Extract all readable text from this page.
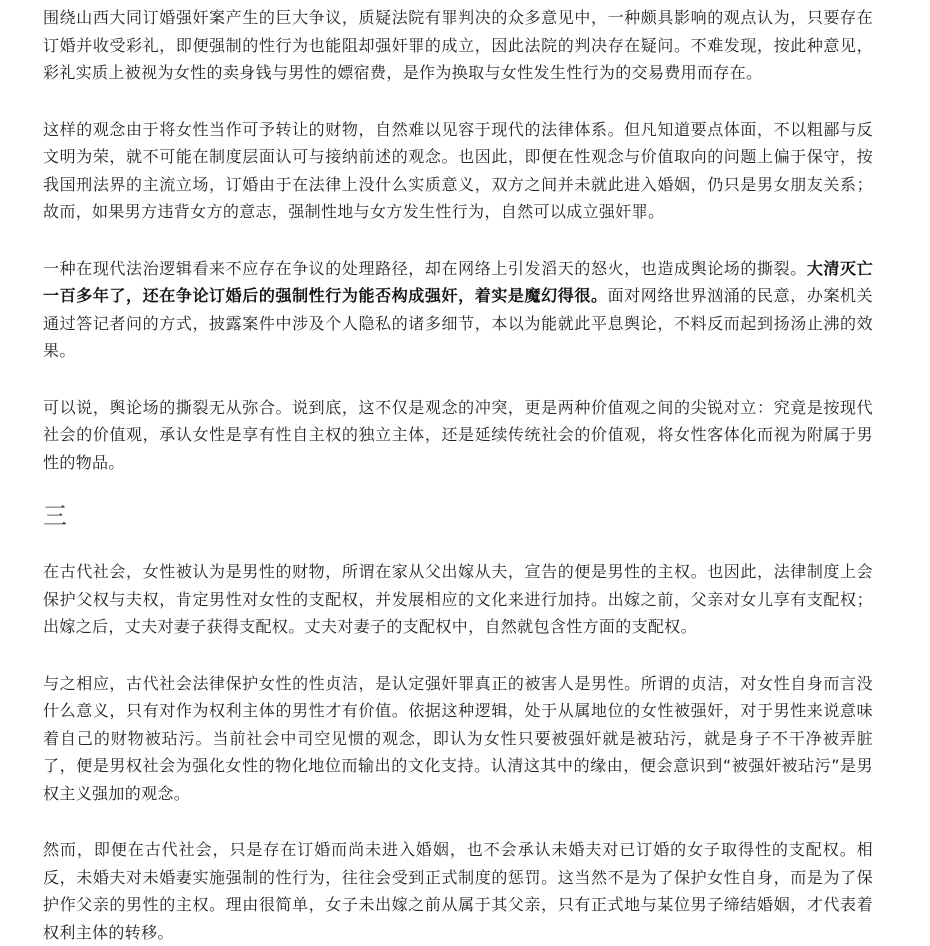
围绕山西大同订婚强奸案产生的巨大争议，质疑法院有罪判决的众多意见中，一种颇具影响的观点认为，只要存在订婚并收受彩礼，即便强制的性行为也能阻却强奸罪的成立，因此法院的判决存在疑问。不难发现，按此种意见，彩礼实质上被视为女性的卖身钱与男性的嫖宿费，是作为换取与女性发生性行为的交易费用而存在。

这样的观念由于将女性当作可予转让的财物，自然难以见容于现代的法律体系。但凡知道要点体面，不以粗鄙与反文明为荣，就不可能在制度层面认可与接纳前述的观念。也因此，即便在性观念与价值取向的问题上偏于保守，按我国刑法界的主流立场，订婚由于在法律上没什么实质意义，双方之间并未就此进入婚姻，仍只是男女朋友关系；故而，如果男方违背女方的意志，强制性地与女方发生性行为，自然可以成立强奸罪。

一种在现代法治逻辑看来不应存在争议的处理路径，却在网络上引发滔天的怒火，也造成舆论场的撕裂。大清灭亡一百多年了，还在争论订婚后的强制性行为能否构成强奸，着实是魔幻得很。面对网络世界汹涌的民意，办案机关通过答记者问的方式，披露案件中涉及个人隐私的诸多细节，本以为能就此平息舆论，不料反而起到扬汤止沸的效果。

可以说，舆论场的撕裂无从弥合。说到底，这不仅是观念的冲突，更是两种价值观之间的尖锐对立：究竟是按现代社会的价值观，承认女性是享有性自主权的独立主体，还是延续传统社会的价值观，将女性客体化而视为附属于男性的物品。

三

在古代社会，女性被认为是男性的财物，所谓在家从父出嫁从夫，宣告的便是男性的主权。也因此，法律制度上会保护父权与夫权，肯定男性对女性的支配权，并发展相应的文化来进行加持。出嫁之前，父亲对女儿享有支配权；出嫁之后，丈夫对妻子获得支配权。丈夫对妻子的支配权中，自然就包含性方面的支配权。

与之相应，古代社会法律保护女性的性贞洁，是认定强奸罪真正的被害人是男性。所谓的贞洁，对女性自身而言没什么意义，只有对作为权利主体的男性才有价值。依据这种逻辑，处于从属地位的女性被强奸，对于男性来说意味着自己的财物被玷污。当前社会中司空见惯的观念，即认为女性只要被强奸就是被玷污，就是身子不干净被弄脏了，便是男权社会为强化女性的物化地位而输出的文化支持。认清这其中的缘由，便会意识到“被强奸被玷污”是男权主义强加的观念。

然而，即便在古代社会，只是存在订婚而尚未进入婚姻，也不会承认未婚夫对已订婚的女子取得性的支配权。相反，未婚夫对未婚妻实施强制的性行为，往往会受到正式制度的惩罚。这当然不是为了保护女性自身，而是为了保护作父亲的男性的主权。理由很简单，女子未出嫁之前从属于其父亲，只有正式地与某位男子缔结婚姻，才代表着权利主体的转移。
